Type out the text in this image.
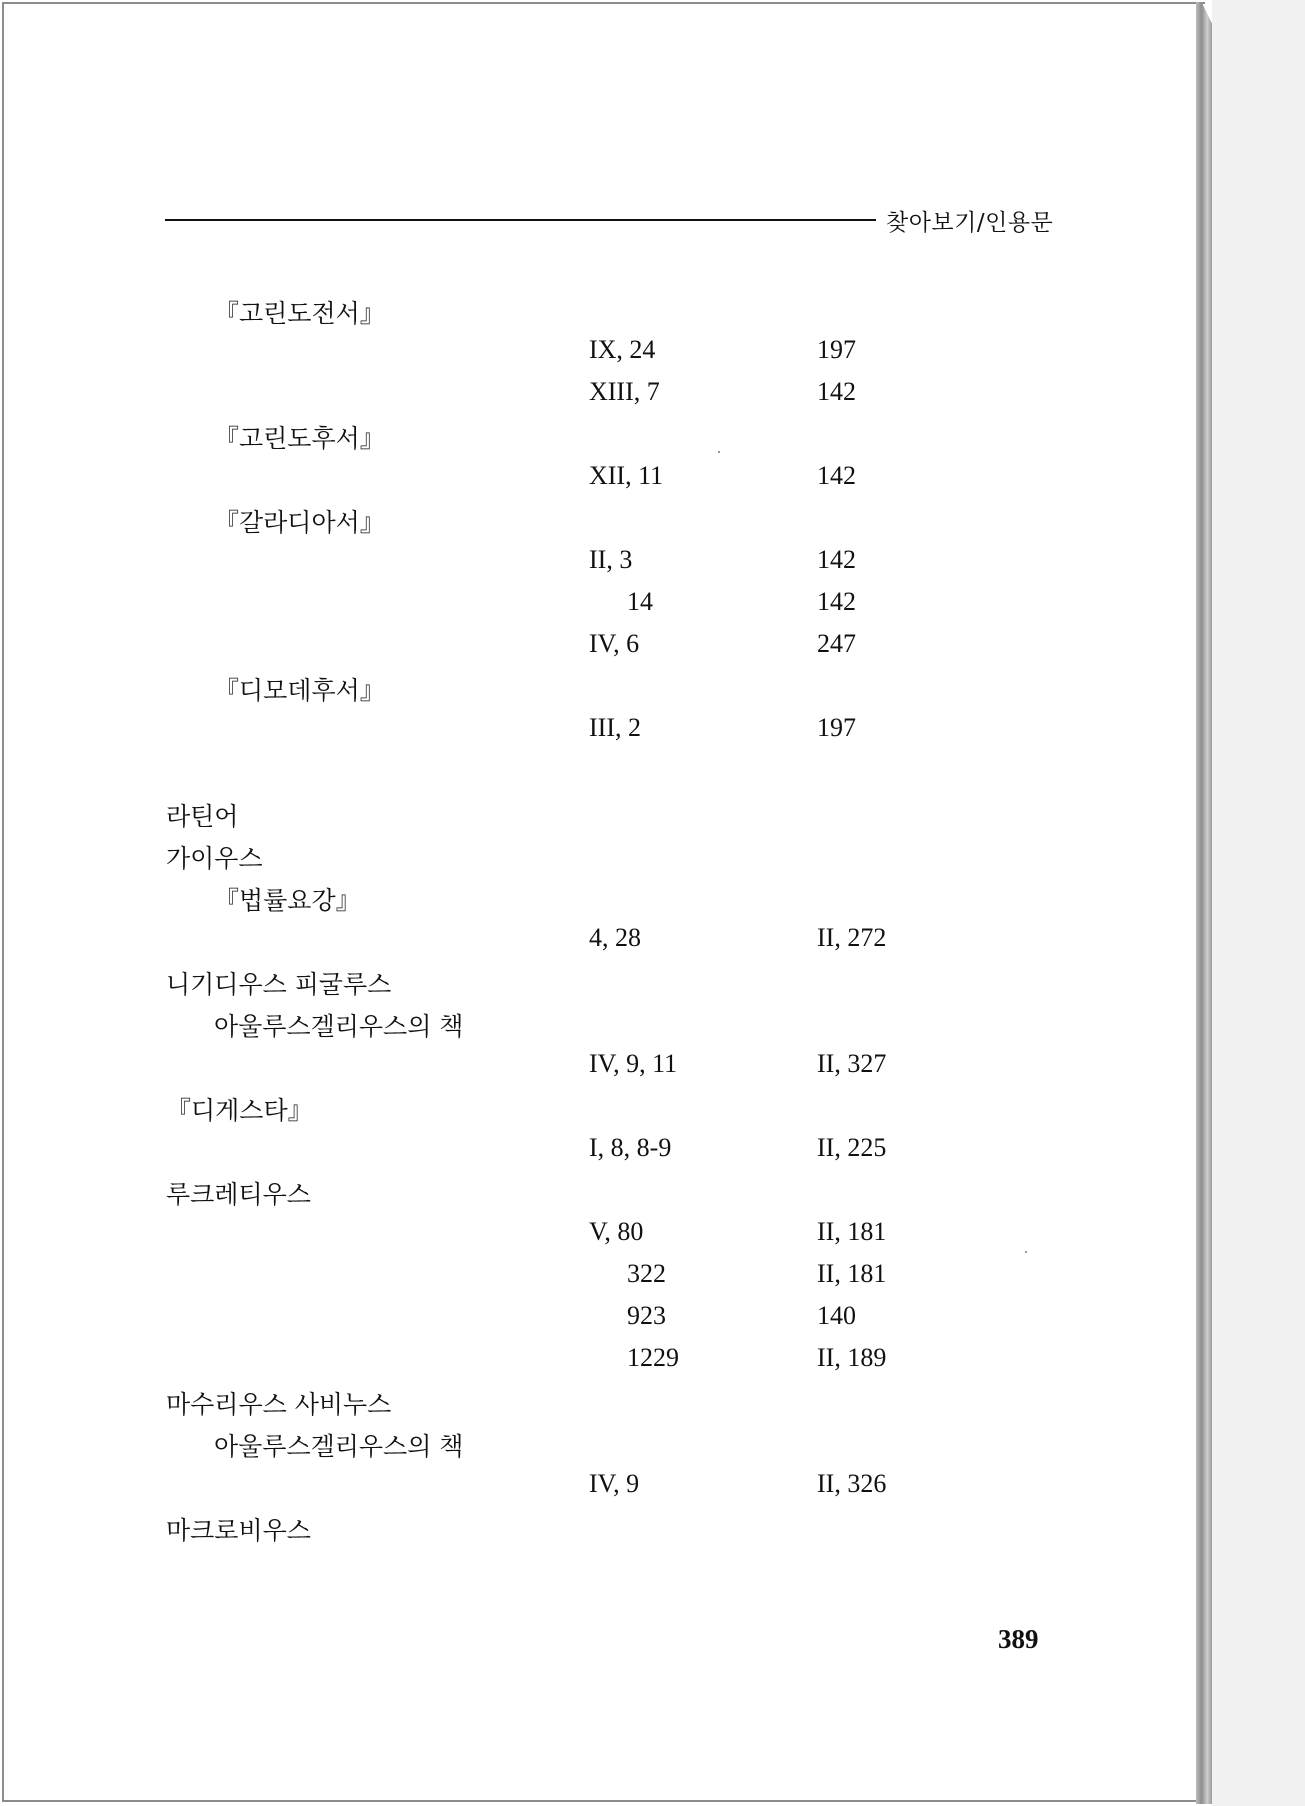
찾아보기/인용문
『고린도전서』
IX, 24	197
XIII, 7	142
『고린도후서』
XII, 11	142
『갈라디아서』
II, 3	142
14	142
IV, 6	247
『디모데후서』
III, 2	197
라틴어
가이우스
『법률요강』
4, 28	II, 272
니기디우스 피굴루스
아울루스겔리우스의 책
IV, 9, 11	II, 327
『디게스타』
I, 8, 8-9	II, 225
루크레티우스
V, 80	II, 181
322	II, 181
923	140
1229	II, 189
마수리우스 사비누스
아울루스겔리우스의 책
IV, 9	II, 326
마크로비우스
389
